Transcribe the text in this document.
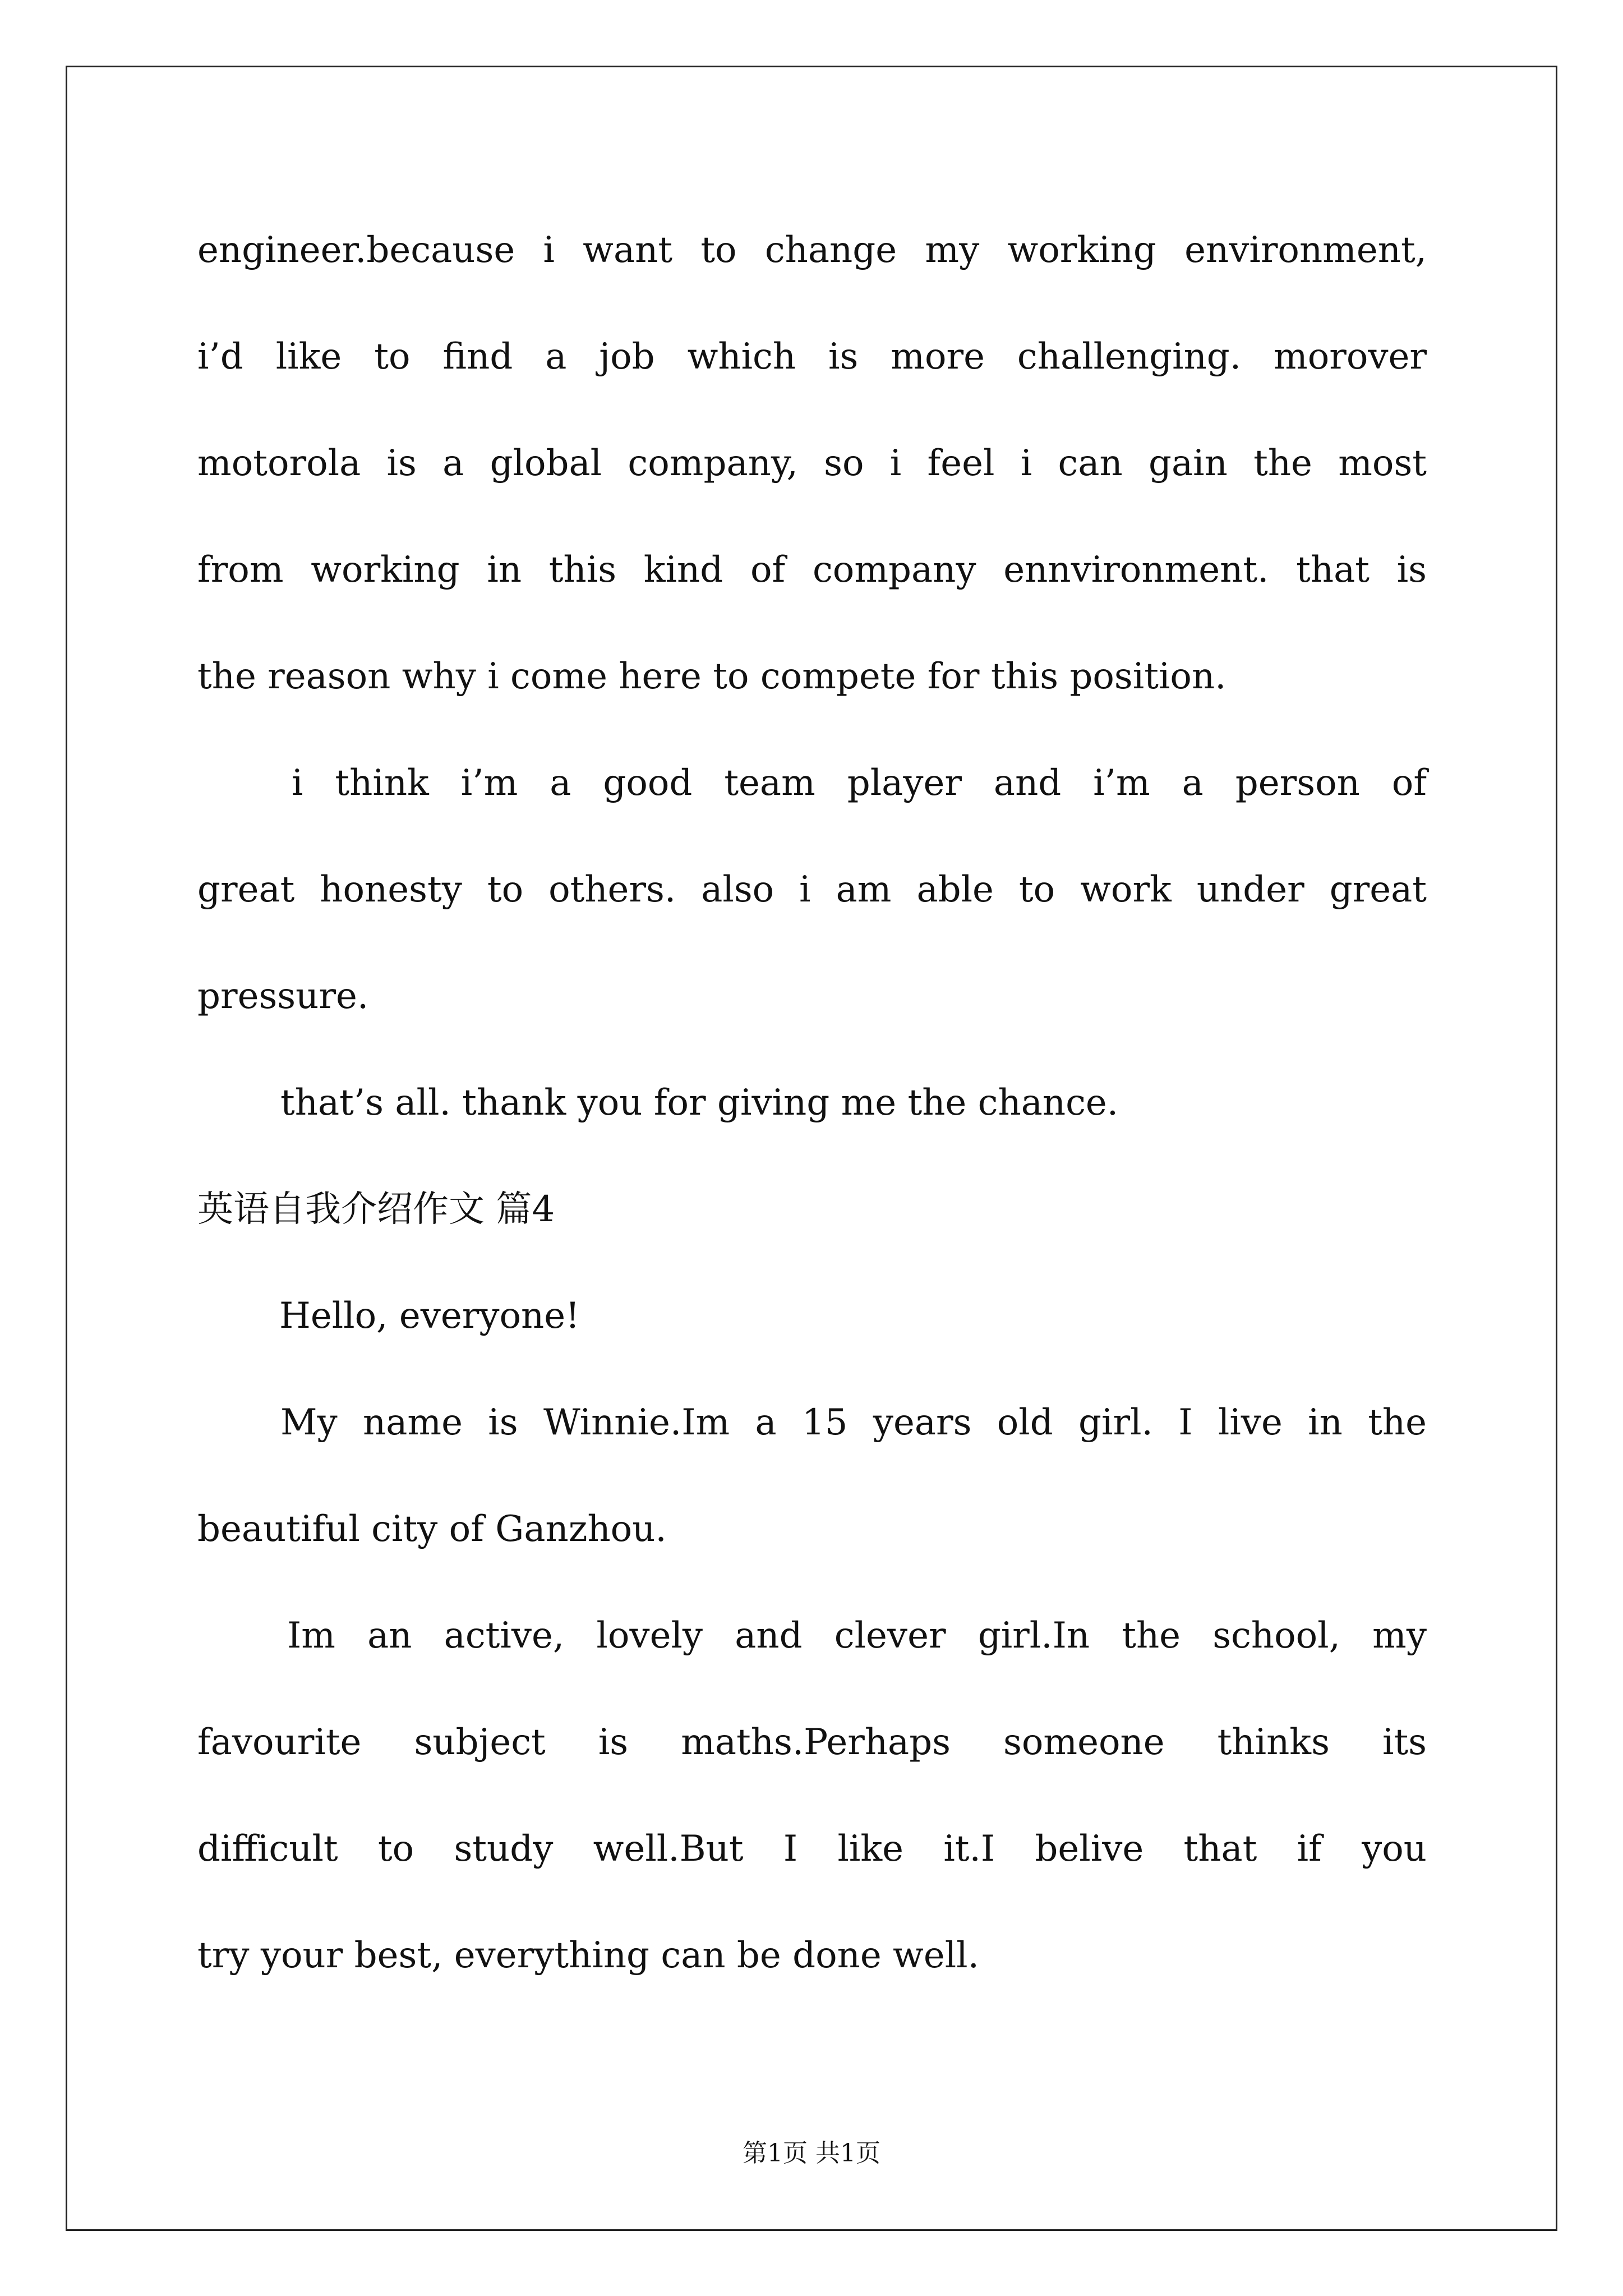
engineer.because i want to change my working environment,
i’d like to find a job which is more challenging. morover
motorola is a global company, so i feel i can gain the most
from working in this kind of company ennvironment. that is
the reason why i come here to compete for this position.
i think i’m a good team player and i’m a person of
great honesty to others. also i am able to work under great
pressure.
that’s all. thank you for giving me the chance.
英语自我介绍作文 篇4
Hello, everyone!
My name is Winnie.Im a 15 years old girl. I live in the
beautiful city of Ganzhou.
Im an active, lovely and clever girl.In the school, my
favourite subject is maths.Perhaps someone thinks its
difficult to study well.But I like it.I belive that if you
try your best, everything can be done well.
第1页 共1页
